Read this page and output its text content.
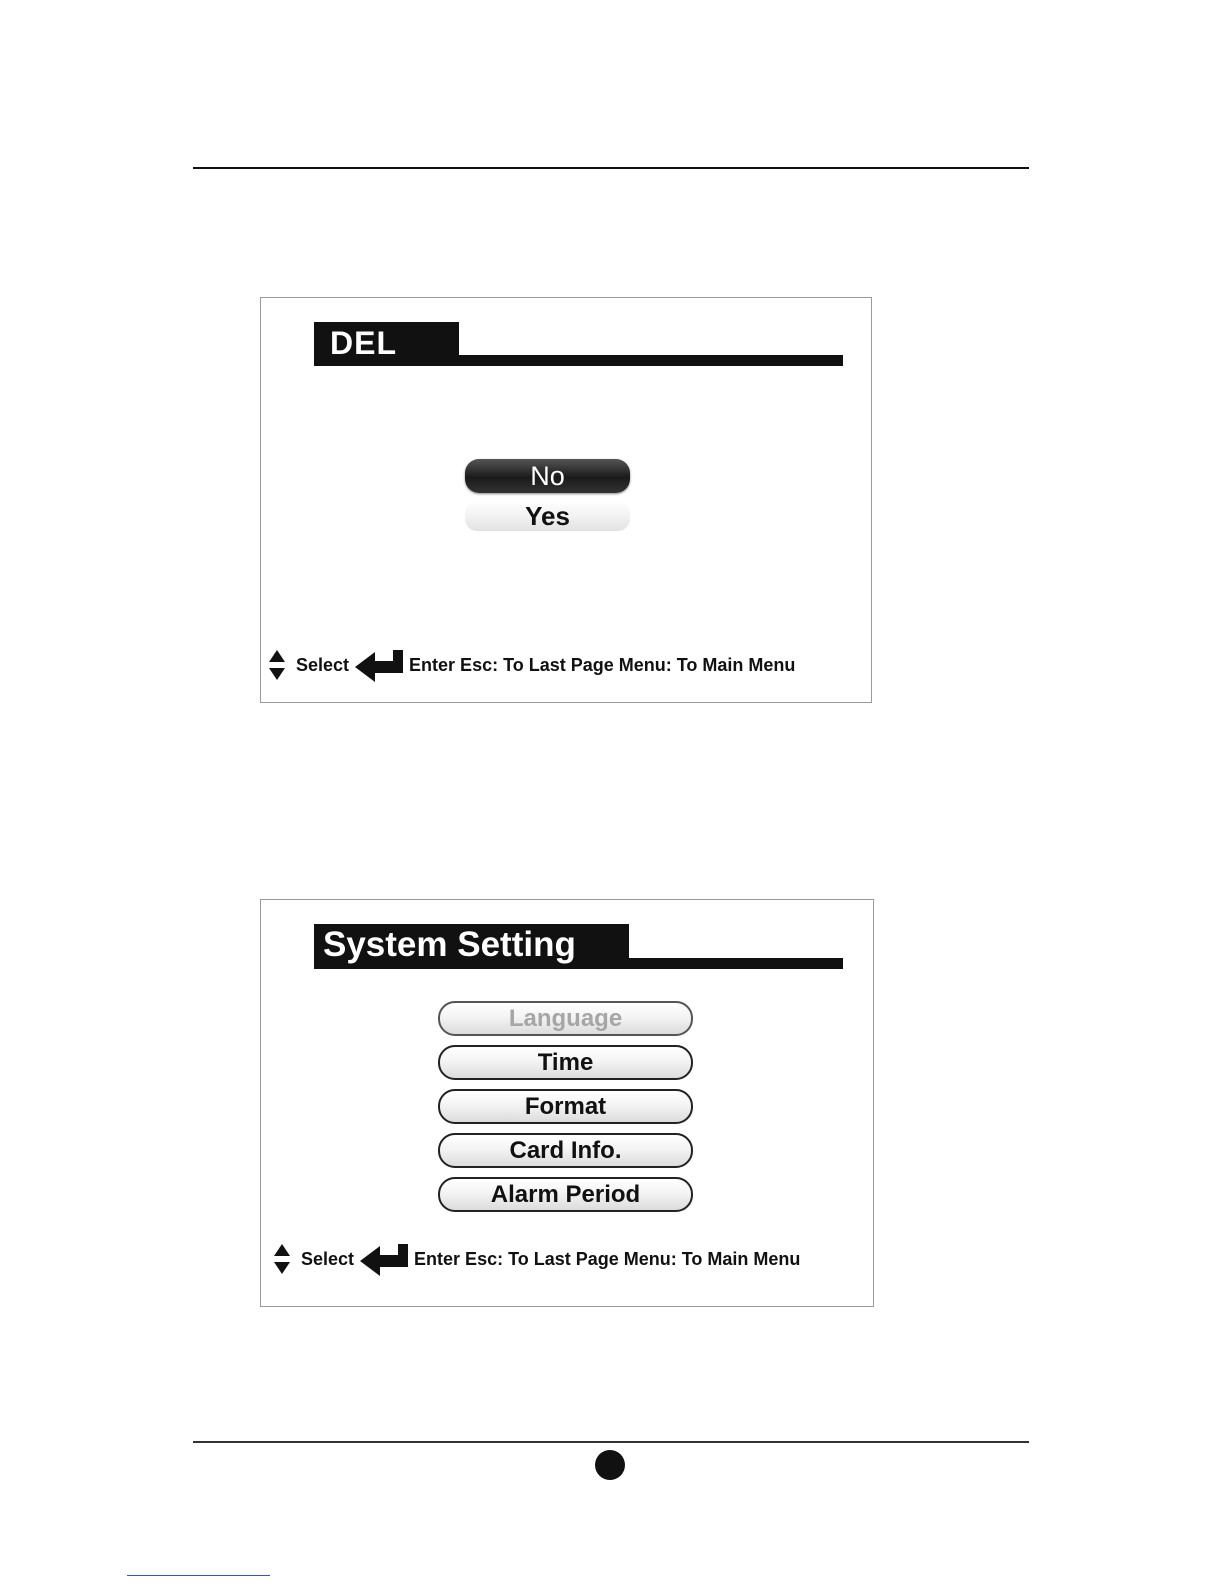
DEL
No
Yes
Select	Enter Esc: To Last Page Menu: To Main Menu
System Setting
Language
Time
Format
Card Info.
Alarm Period
Select	Enter Esc: To Last Page Menu: To Main Menu
